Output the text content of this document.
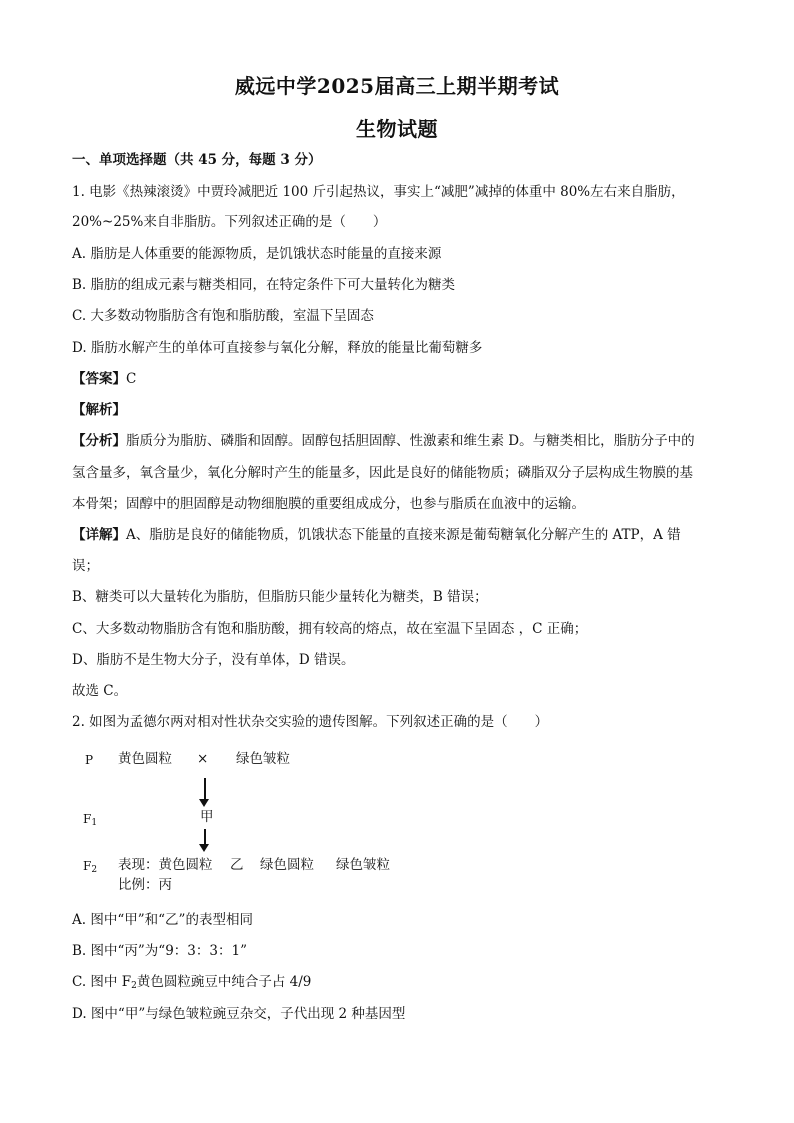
威远中学2025届高三上期半期考试
生物试题
一、单项选择题（共 45 分，每题 3 分）
1. 电影《热辣滚烫》中贾玲减肥近 100 斤引起热议，事实上“减肥”减掉的体重中 80%左右来自脂肪，
20%~25%来自非脂肪。下列叙述正确的是（　　）
A. 脂肪是人体重要的能源物质，是饥饿状态时能量的直接来源
B. 脂肪的组成元素与糖类相同，在特定条件下可大量转化为糖类
C. 大多数动物脂肪含有饱和脂肪酸，室温下呈固态
D. 脂肪水解产生的单体可直接参与氧化分解，释放的能量比葡萄糖多
【答案】C
【解析】
【分析】脂质分为脂肪、磷脂和固醇。固醇包括胆固醇、性激素和维生素 D。与糖类相比，脂肪分子中的
氢含量多，氧含量少，氧化分解时产生的能量多，因此是良好的储能物质；磷脂双分子层构成生物膜的基
本骨架；固醇中的胆固醇是动物细胞膜的重要组成成分，也参与脂质在血液中的运输。
【详解】A、脂肪是良好的储能物质，饥饿状态下能量的直接来源是葡萄糖氧化分解产生的 ATP，A 错
误；
B、糖类可以大量转化为脂肪，但脂肪只能少量转化为糖类，B 错误；
C、大多数动物脂肪含有饱和脂肪酸，拥有较高的熔点，故在室温下呈固态 ，C 正确；
D、脂肪不是生物大分子，没有单体，D 错误。
故选 C。
2. 如图为孟德尔两对相对性状杂交实验的遗传图解。下列叙述正确的是（　　）
P 黄色圆粒 × 绿色皱粒
$F_1$	甲
$F_2$ 表现：黄色圆粒 乙 绿色圆粒 绿色皱粒
比例：丙
A. 图中“甲”和“乙”的表型相同
B. 图中“丙”为“9：3：3：1”
C. 图中 $F_2$黄色圆粒豌豆中纯合子占 4/9
D. 图中“甲”与绿色皱粒豌豆杂交，子代出现 2 种基因型
